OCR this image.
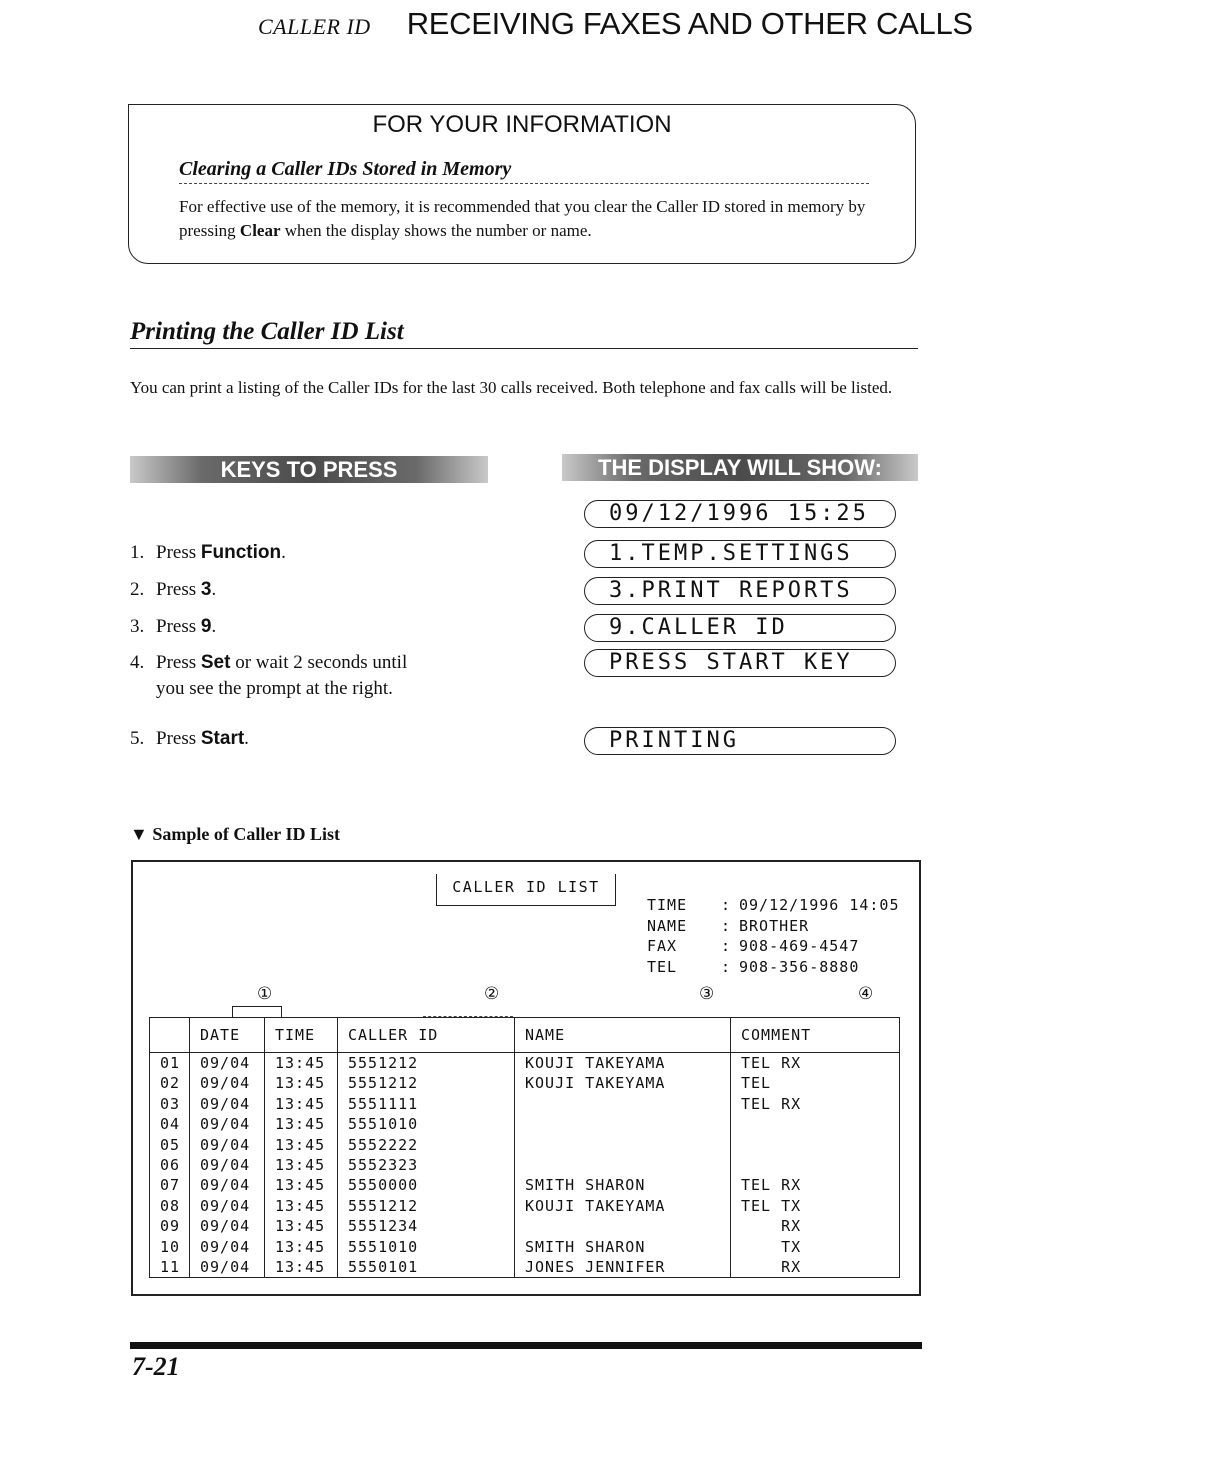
CALLER ID RECEIVING FAXES AND OTHER CALLS
FOR YOUR INFORMATION
Clearing a Caller IDs Stored in Memory
For effective use of the memory, it is recommended that you clear the Caller ID stored in memory by pressing Clear when the display shows the number or name.
Printing the Caller ID List
You can print a listing of the Caller IDs for the last 30 calls received. Both telephone and fax calls will be listed.
KEYS TO PRESS	THE DISPLAY WILL SHOW:
1. Press Function.
2. Press 3.
3. Press 9.
4. Press Set or wait 2 seconds until
you see the prompt at the right.
5. Press Start.
09/12/1996 15:25
1.TEMP.SETTINGS
3.PRINT REPORTS
9.CALLER ID
PRESS START KEY
PRINTING
▼ Sample of Caller ID List
CALLER ID LIST
TIME : 09/12/1996 14:05
NAME : BROTHER
FAX	: 908-469-4547
TEL	: 908-356-8880
①	②	③	④
	DATE	TIME	CALLER ID	NAME	COMMENT
01	09/04	13:45	5551212	KOUJI TAKEYAMA	TEL RX
02	09/04	13:45	5551212	KOUJI TAKEYAMA	TEL
03	09/04	13:45	5551111		TEL RX
04	09/04	13:45	5551010		
05	09/04	13:45	5552222		
06	09/04	13:45	5552323		
07	09/04	13:45	5550000	SMITH SHARON	TEL RX
08	09/04	13:45	5551212	KOUJI TAKEYAMA	TEL TX
09	09/04	13:45	5551234		RX
10	09/04	13:45	5551010	SMITH SHARON	TX
11	09/04	13:45	5550101	JONES JENNIFER	RX
7-21
